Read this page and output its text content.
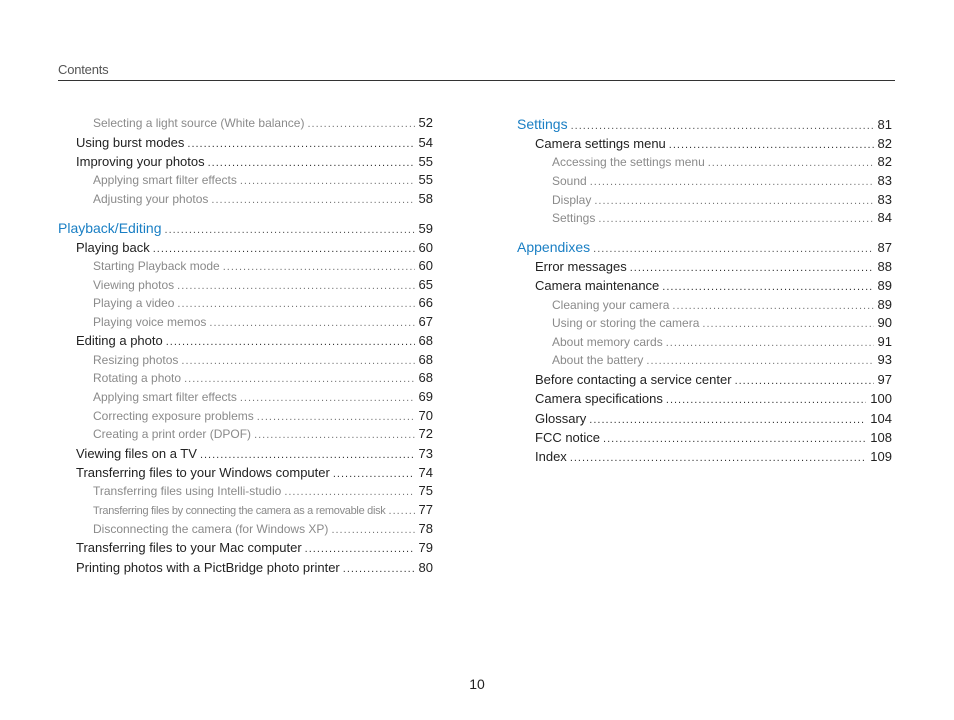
Contents
Selecting a light source (White balance) .....	52
Using burst modes .....	54
Improving your photos .....	55
Applying smart filter effects .....	55
Adjusting your photos .....	58
Playback/Editing .....	59
Playing back .....	60
Starting Playback mode .....	60
Viewing photos .....	65
Playing a video .....	66
Playing voice memos .....	67
Editing a photo .....	68
Resizing photos .....	68
Rotating a photo .....	68
Applying smart filter effects .....	69
Correcting exposure problems .....	70
Creating a print order (DPOF) .....	72
Viewing files on a TV .....	73
Transferring files to your Windows computer .....	74
Transferring files using Intelli-studio .....	75
Transferring files by connecting the camera as a removable disk .....	77
Disconnecting the camera (for Windows XP) .....	78
Transferring files to your Mac computer .....	79
Printing photos with a PictBridge photo printer .....	80
Settings .....	81
Camera settings menu .....	82
Accessing the settings menu .....	82
Sound .....	83
Display .....	83
Settings .....	84
Appendixes .....	87
Error messages .....	88
Camera maintenance .....	89
Cleaning your camera .....	89
Using or storing the camera .....	90
About memory cards .....	91
About the battery .....	93
Before contacting a service center .....	97
Camera specifications .....	100
Glossary .....	104
FCC notice .....	108
Index .....	109
10
